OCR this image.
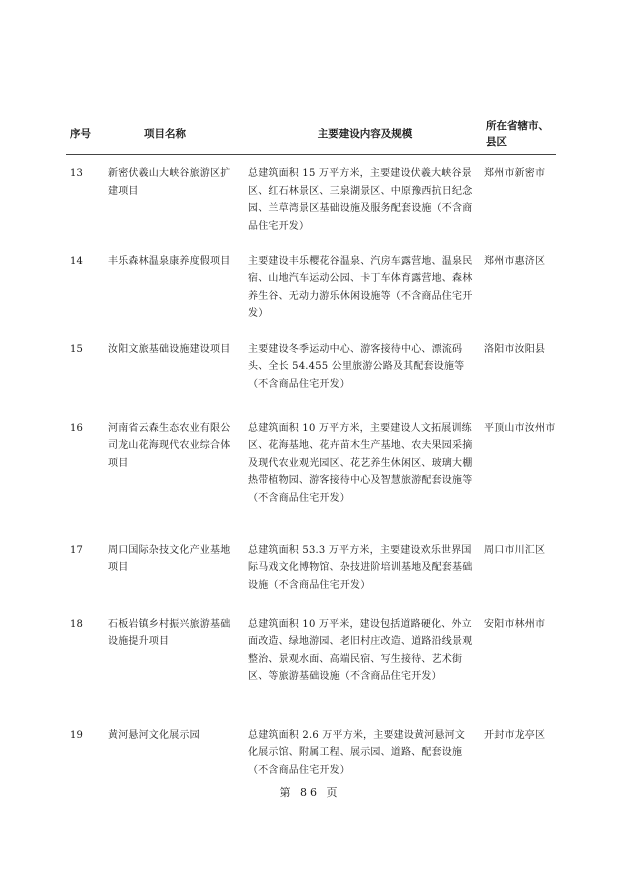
序号	项目名称	主要建设内容及规模	所在省辖市、县区
13	新密伏羲山大峡谷旅游区扩建项目	总建筑面积 15 万平方米，主要建设伏羲大峡谷景区、红石林景区、三泉湖景区、中原豫西抗日纪念园、兰草湾景区基础设施及服务配套设施（不含商品住宅开发）	郑州市新密市
14	丰乐森林温泉康养度假项目	主要建设丰乐樱花谷温泉、汽房车露营地、温泉民宿、山地汽车运动公园、卡丁车体育露营地、森林养生谷、无动力游乐休闲设施等（不含商品住宅开发）	郑州市惠济区
15	汝阳文旅基础设施建设项目	主要建设冬季运动中心、游客接待中心、漂流码头、全长 54.455 公里旅游公路及其配套设施等（不含商品住宅开发）	洛阳市汝阳县
16	河南省云森生态农业有限公司龙山花海现代农业综合体项目	总建筑面积 10 万平方米，主要建设人文拓展训练区、花海基地、花卉苗木生产基地、农夫果园采摘及现代农业观光园区、花艺养生休闲区、玻璃大棚热带植物园、游客接待中心及智慧旅游配套设施等（不含商品住宅开发）	平顶山市汝州市
17	周口国际杂技文化产业基地项目	总建筑面积 53.3 万平方米，主要建设欢乐世界国际马戏文化博物馆、杂技进阶培训基地及配套基础设施（不含商品住宅开发）	周口市川汇区
18	石板岩镇乡村振兴旅游基础设施提升项目	总建筑面积 10 万平米，建设包括道路硬化、外立面改造、绿地游园、老旧村庄改造、道路沿线景观整治、景观水面、高端民宿、写生接待、艺术街区、等旅游基础设施（不含商品住宅开发）	安阳市林州市
19	黄河悬河文化展示园	总建筑面积 2.6 万平方米，主要建设黄河悬河文化展示馆、附属工程、展示园、道路、配套设施（不含商品住宅开发）	开封市龙亭区
第 86 页
